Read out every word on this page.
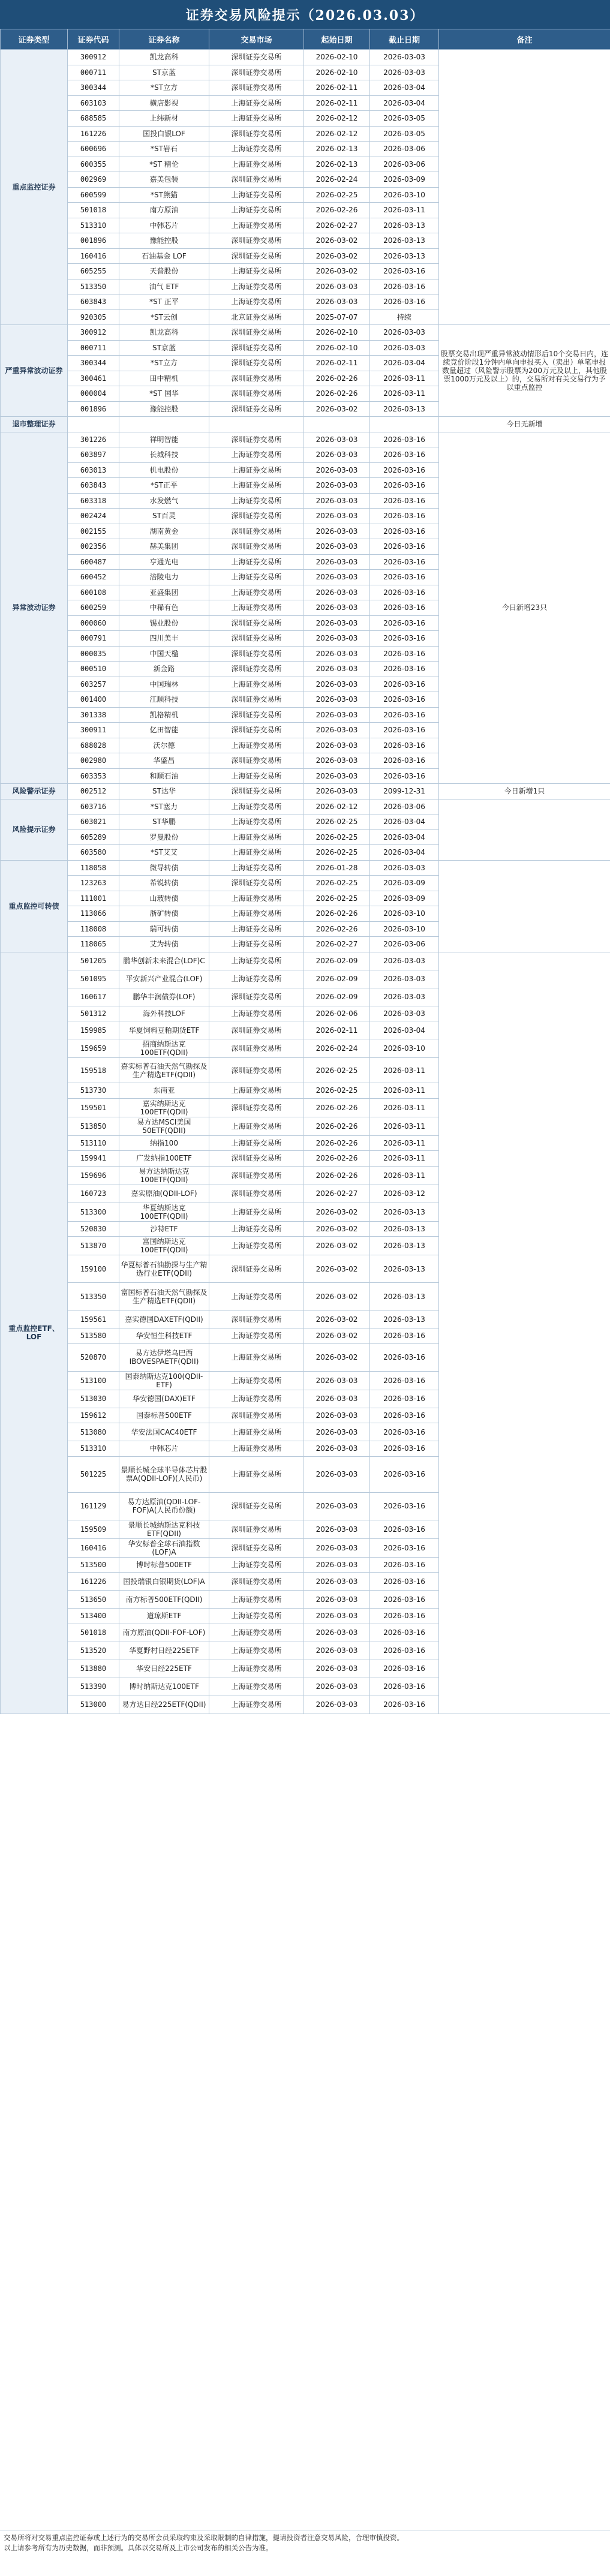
证券交易风险提示（2026.03.03）
证券类型	证券代码	证券名称	交易市场	起始日期	截止日期	备注
重点监控证券	300912	凯龙高科	深圳证券交易所	2026-02-10	2026-03-03	
	000711	ST京蓝	深圳证券交易所	2026-02-10	2026-03-03	
	300344	*ST立方	深圳证券交易所	2026-02-11	2026-03-04	
	603103	横店影视	上海证券交易所	2026-02-11	2026-03-04	
	688585	上纬新材	上海证券交易所	2026-02-12	2026-03-05	
	161226	国投白银LOF	深圳证券交易所	2026-02-12	2026-03-05	
	600696	*ST岩石	上海证券交易所	2026-02-13	2026-03-06	
	600355	*ST 精伦	上海证券交易所	2026-02-13	2026-03-06	
	002969	嘉美包装	深圳证券交易所	2026-02-24	2026-03-09	
	600599	*ST熊猫	上海证券交易所	2026-02-25	2026-03-10	
	501018	南方原油	上海证券交易所	2026-02-26	2026-03-11	
	513310	中韩芯片	上海证券交易所	2026-02-27	2026-03-13	
	001896	豫能控股	深圳证券交易所	2026-03-02	2026-03-13	
	160416	石油基金 LOF	深圳证券交易所	2026-03-02	2026-03-13	
	605255	天普股份	上海证券交易所	2026-03-02	2026-03-16	
	513350	油气 ETF	上海证券交易所	2026-03-03	2026-03-16	
	603843	*ST 正平	上海证券交易所	2026-03-03	2026-03-16	
	920305	*ST云创	北京证券交易所	2025-07-07	持续	
严重异常波动证券	300912	凯龙高科	深圳证券交易所	2026-02-10	2026-03-03	股票交易出现严重异常波动情形后10个交易日内，连续竞价阶段1分钟内单向申报买入（卖出）单笔申报数量超过（风险警示股票为200万元及以上，其他股票1000万元及以上）的，交易所对有关交易行为予以重点监控
	000711	ST京蓝	深圳证券交易所	2026-02-10	2026-03-03	
	300344	*ST立方	深圳证券交易所	2026-02-11	2026-03-04	
	300461	田中精机	深圳证券交易所	2026-02-26	2026-03-11	
	000004	*ST 国华	深圳证券交易所	2026-02-26	2026-03-11	
	001896	豫能控股	深圳证券交易所	2026-03-02	2026-03-13	
退市整理证券						今日无新增
异常波动证券	301226	祥明智能	深圳证券交易所	2026-03-03	2026-03-16	今日新增23只
	603897	长城科技	上海证券交易所	2026-03-03	2026-03-16	
	603013	机电股份	上海证券交易所	2026-03-03	2026-03-16	
	603843	*ST正平	上海证券交易所	2026-03-03	2026-03-16	
	603318	水发燃气	上海证券交易所	2026-03-03	2026-03-16	
	002424	ST百灵	深圳证券交易所	2026-03-03	2026-03-16	
	002155	湖南黄金	深圳证券交易所	2026-03-03	2026-03-16	
	002356	赫美集团	深圳证券交易所	2026-03-03	2026-03-16	
	600487	亨通光电	上海证券交易所	2026-03-03	2026-03-16	
	600452	涪陵电力	上海证券交易所	2026-03-03	2026-03-16	
	600108	亚盛集团	上海证券交易所	2026-03-03	2026-03-16	
	600259	中稀有色	上海证券交易所	2026-03-03	2026-03-16	
	000060	锡业股份	深圳证券交易所	2026-03-03	2026-03-16	
	000791	四川美丰	深圳证券交易所	2026-03-03	2026-03-16	
	000035	中国天楹	深圳证券交易所	2026-03-03	2026-03-16	
	000510	新金路	深圳证券交易所	2026-03-03	2026-03-16	
	603257	中国瑞林	上海证券交易所	2026-03-03	2026-03-16	
	001400	江顺科技	深圳证券交易所	2026-03-03	2026-03-16	
	301338	凯格精机	深圳证券交易所	2026-03-03	2026-03-16	
	300911	亿田智能	深圳证券交易所	2026-03-03	2026-03-16	
	688028	沃尔德	上海证券交易所	2026-03-03	2026-03-16	
	002980	华盛昌	深圳证券交易所	2026-03-03	2026-03-16	
	603353	和顺石油	上海证券交易所	2026-03-03	2026-03-16	
风险警示证券	002512	ST达华	深圳证券交易所	2026-03-03	2099-12-31	今日新增1只
风险提示证券	603716	*ST塞力	上海证券交易所	2026-02-12	2026-03-06	
	603021	ST华鹏	上海证券交易所	2026-02-25	2026-03-04	
	605289	罗曼股份	上海证券交易所	2026-02-25	2026-03-04	
	603580	*ST艾艾	上海证券交易所	2026-02-25	2026-03-04	
重点监控可转债	118058	微导转债	上海证券交易所	2026-01-28	2026-03-03	
	123263	希锐转债	深圳证券交易所	2026-02-25	2026-03-09	
	111001	山玻转债	上海证券交易所	2026-02-25	2026-03-09	
	113066	浙矿转债	上海证券交易所	2026-02-26	2026-03-10	
	118008	瑞可转债	上海证券交易所	2026-02-26	2026-03-10	
	118065	艾为转债	上海证券交易所	2026-02-27	2026-03-06	
重点监控ETF、LOF	501205	鹏华创新未来混合(LOF)C	上海证券交易所	2026-02-09	2026-03-03	
	501095	平安新兴产业混合(LOF)	上海证券交易所	2026-02-09	2026-03-03	
	160617	鹏华丰润债券(LOF)	深圳证券交易所	2026-02-09	2026-03-03	
	501312	海外科技LOF	上海证券交易所	2026-02-06	2026-03-03	
	159985	华夏饲料豆粕期货ETF	深圳证券交易所	2026-02-11	2026-03-04	
	159659	招商纳斯达克100ETF(QDII)	深圳证券交易所	2026-02-24	2026-03-10	
	159518	嘉实标普石油天然气勘探及生产精选ETF(QDII)	深圳证券交易所	2026-02-25	2026-03-11	
	513730	东南亚	上海证券交易所	2026-02-25	2026-03-11	
	159501	嘉实纳斯达克100ETF(QDII)	深圳证券交易所	2026-02-26	2026-03-11	
	513850	易方达MSCI美国50ETF(QDII)	上海证券交易所	2026-02-26	2026-03-11	
	513110	纳指100	上海证券交易所	2026-02-26	2026-03-11	
	159941	广发纳指100ETF	深圳证券交易所	2026-02-26	2026-03-11	
	159696	易方达纳斯达克100ETF(QDII)	深圳证券交易所	2026-02-26	2026-03-11	
	160723	嘉实原油(QDII-LOF)	深圳证券交易所	2026-02-27	2026-03-12	
	513300	华夏纳斯达克100ETF(QDII)	上海证券交易所	2026-03-02	2026-03-13	
	520830	沙特ETF	上海证券交易所	2026-03-02	2026-03-13	
	513870	富国纳斯达克100ETF(QDII)	上海证券交易所	2026-03-02	2026-03-13	
	159100	华夏标普石油勘探与生产精选行业ETF(QDII)	深圳证券交易所	2026-03-02	2026-03-13	
	513350	富国标普石油天然气勘探及生产精选ETF(QDII)	上海证券交易所	2026-03-02	2026-03-13	
	159561	嘉实德国DAXETF(QDII)	深圳证券交易所	2026-03-02	2026-03-13	
	513580	华安恒生科技ETF	上海证券交易所	2026-03-02	2026-03-16	
	520870	易方达伊塔乌巴西IBOVESPAETF(QDII)	上海证券交易所	2026-03-02	2026-03-16	
	513100	国泰纳斯达克100(QDII-ETF)	上海证券交易所	2026-03-03	2026-03-16	
	513030	华安德国(DAX)ETF	上海证券交易所	2026-03-03	2026-03-16	
	159612	国泰标普500ETF	深圳证券交易所	2026-03-03	2026-03-16	
	513080	华安法国CAC40ETF	上海证券交易所	2026-03-03	2026-03-16	
	513310	中韩芯片	上海证券交易所	2026-03-03	2026-03-16	
	501225	景顺长城全球半导体芯片股票A(QDII-LOF)(人民币)	上海证券交易所	2026-03-03	2026-03-16	
	161129	易方达原油(QDII-LOF-FOF)A(人民币份额)	深圳证券交易所	2026-03-03	2026-03-16	
	159509	景顺长城纳斯达克科技ETF(QDII)	深圳证券交易所	2026-03-03	2026-03-16	
	160416	华安标普全球石油指数(LOF)A	深圳证券交易所	2026-03-03	2026-03-16	
	513500	博时标普500ETF	上海证券交易所	2026-03-03	2026-03-16	
	161226	国投瑞银白银期货(LOF)A	深圳证券交易所	2026-03-03	2026-03-16	
	513650	南方标普500ETF(QDII)	上海证券交易所	2026-03-03	2026-03-16	
	513400	道琼斯ETF	上海证券交易所	2026-03-03	2026-03-16	
	501018	南方原油(QDII-FOF-LOF)	上海证券交易所	2026-03-03	2026-03-16	
	513520	华夏野村日经225ETF	上海证券交易所	2026-03-03	2026-03-16	
	513880	华安日经225ETF	上海证券交易所	2026-03-03	2026-03-16	
	513390	博时纳斯达克100ETF	上海证券交易所	2026-03-03	2026-03-16	
	513000	易方达日经225ETF(QDII)	上海证券交易所	2026-03-03	2026-03-16	
交易所将对交易重点监控证券或上述行为的交易所会员采取约束及采取限制的自律措施，提请投资者注意交易风险，合理审慎投资。
以上请参考所有为历史数据，而非预测。具体以交易所及上市公司发布的相关公告为准。
